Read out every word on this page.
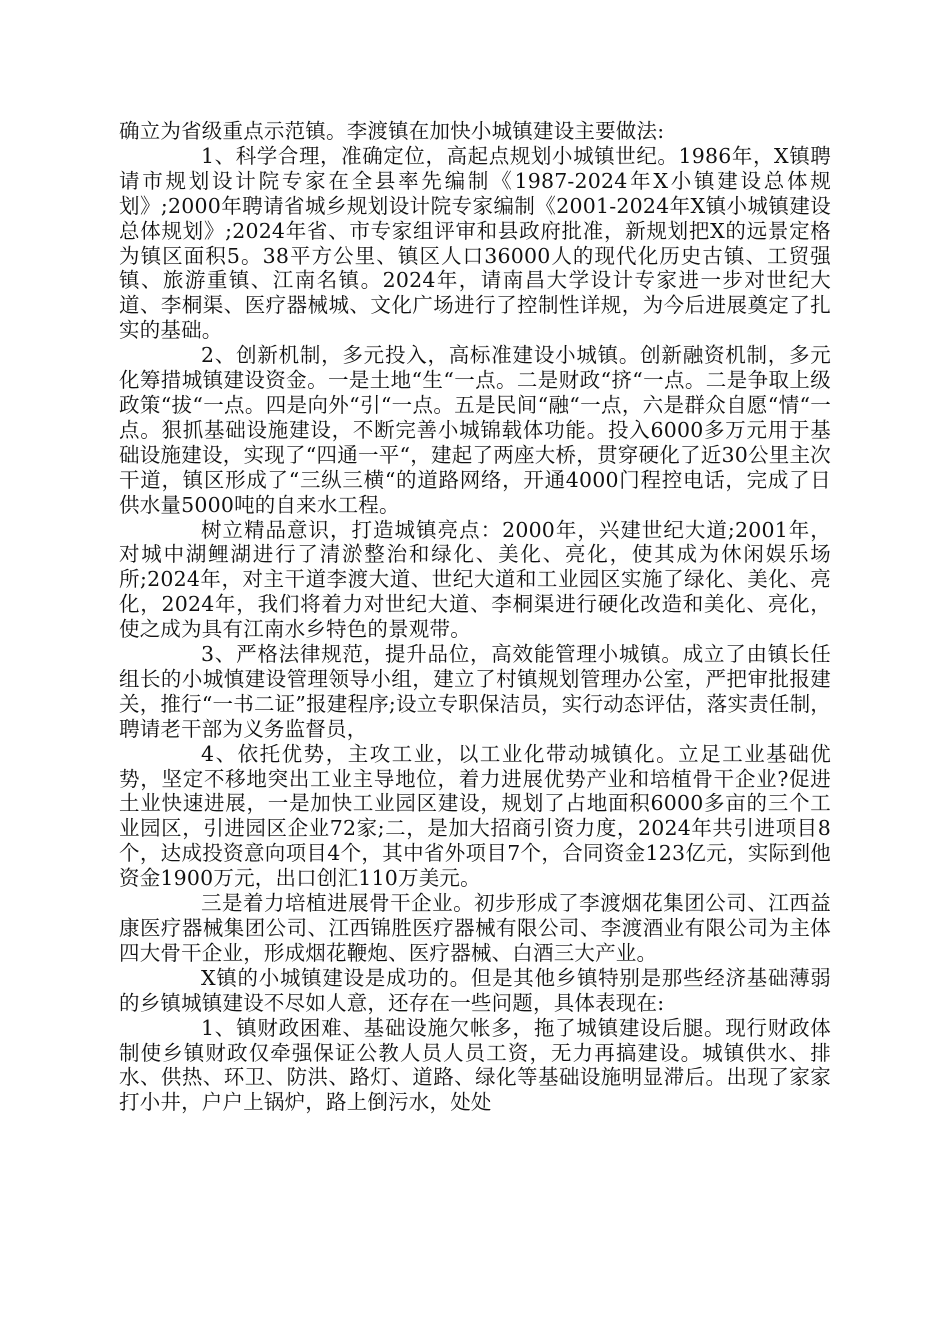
确立为省级重点示范镇。李渡镇在加快小城镇建设主要做法:

1、科学合理，准确定位，高起点规划小城镇世纪。1986年，X镇聘请市规划设计院专家在全县率先编制《1987-2024年X小镇建设总体规划》;2000年聘请省城乡规划设计院专家编制《2001-2024年X镇小城镇建设总体规划》;2024年省、市专家组评审和县政府批准，新规划把X的远景定格为镇区面积5。38平方公里、镇区人口36000人的现代化历史古镇、工贸强镇、旅游重镇、江南名镇。2024年，请南昌大学设计专家进一步对世纪大道、李桐渠、医疗器械城、文化广场进行了控制性详规，为今后进展奠定了扎实的基础。

2、创新机制，多元投入，高标准建设小城镇。创新融资机制，多元化筹措城镇建设资金。一是土地“生“一点。二是财政“挤“一点。二是争取上级政策“拔“一点。四是向外“引“一点。五是民间“融“一点，六是群众自愿“情“一点。狠抓基础设施建设，不断完善小城锦载体功能。投入6000多万元用于基础设施建设，实现了“四通一平“，建起了两座大桥，贯穿硬化了近30公里主次干道，镇区形成了“三纵三横“的道路网络，开通4000门程控电话，完成了日供水量5000吨的自来水工程。

树立精品意识，打造城镇亮点：2000年，兴建世纪大道;2001年，对城中湖鲤湖进行了清淤整治和绿化、美化、亮化，使其成为休闲娱乐场所;2024年，对主干道李渡大道、世纪大道和工业园区实施了绿化、美化、亮化，2024年，我们将着力对世纪大道、李桐渠进行硬化改造和美化、亮化，使之成为具有江南水乡特色的景观带。

3、严格法律规范，提升品位，高效能管理小城镇。成立了由镇长任组长的小城慎建设管理领导小组，建立了村镇规划管理办公室，严把审批报建关，推行“一书二证”报建程序;设立专职保洁员，实行动态评估，落实责任制，聘请老干部为义务监督员，

4、依托优势，主攻工业，以工业化带动城镇化。立足工业基础优势，坚定不移地突出工业主导地位，着力进展优势产业和培植骨干企业?促进土业快速进展，一是加快工业园区建设，规划了占地面积6000多亩的三个工业园区，引进园区企业72家;二，是加大招商引资力度，2024年共引进项目8个，达成投资意向项目4个，其中省外项目7个，合同资金123亿元，实际到他资金1900万元，出口创汇110万美元。

三是着力培植进展骨干企业。初步形成了李渡烟花集团公司、江西益康医疗器械集团公司、江西锦胜医疗器械有限公司、李渡酒业有限公司为主体四大骨干企业，形成烟花鞭炮、医疗器械、白酒三大产业。

X镇的小城镇建设是成功的。但是其他乡镇特别是那些经济基础薄弱的乡镇城镇建设不尽如人意，还存在一些问题，具体表现在:

1、镇财政困难、基础设施欠帐多，拖了城镇建设后腿。现行财政体制使乡镇财政仅牵强保证公教人员人员工资，无力再搞建设。城镇供水、排水、供热、环卫、防洪、路灯、道路、绿化等基础设施明显滞后。出现了家家打小井，户户上锅炉，路上倒污水，处处
